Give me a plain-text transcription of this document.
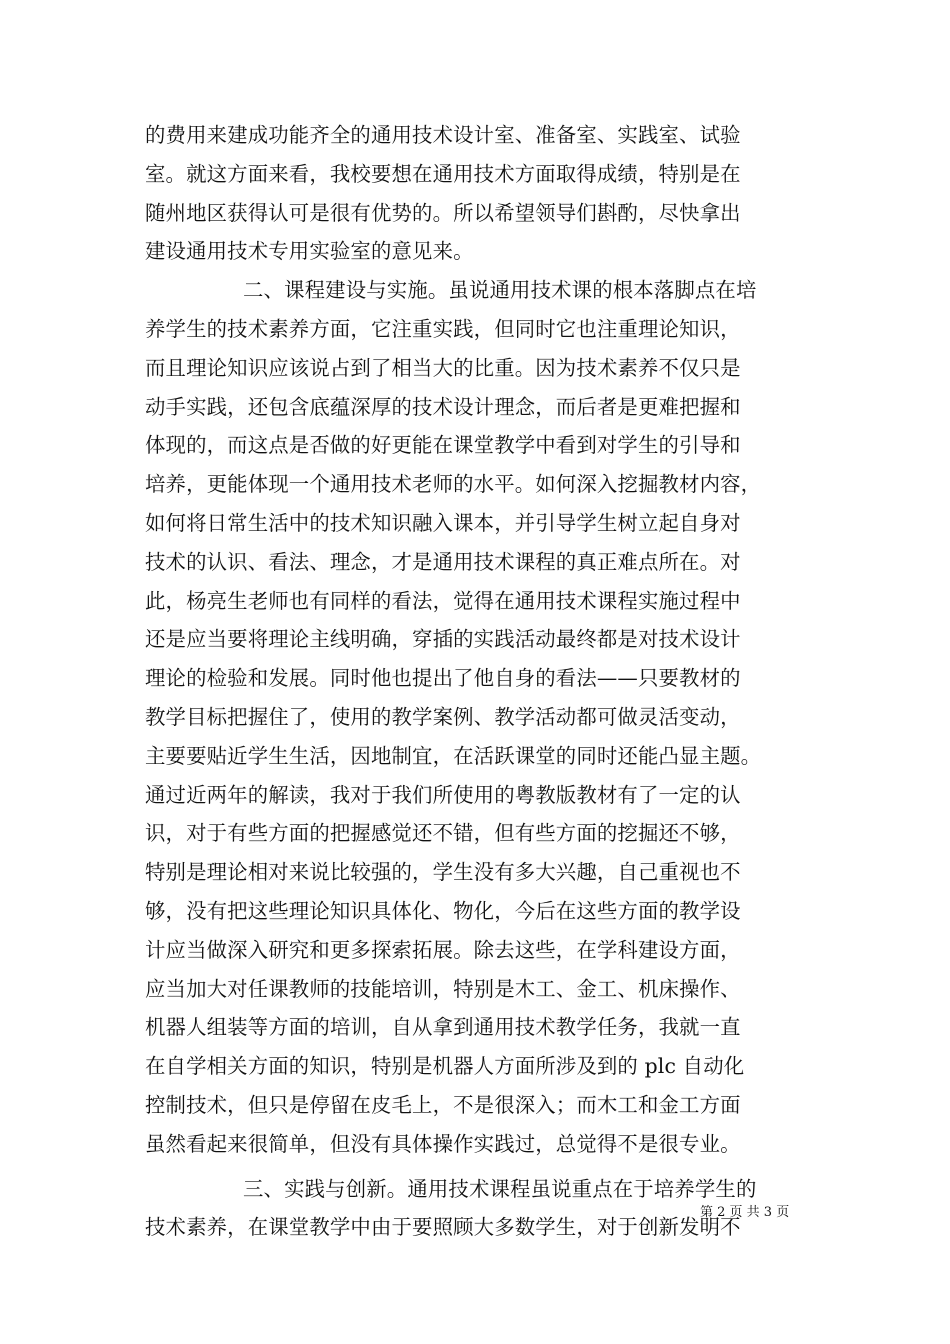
的费用来建成功能齐全的通用技术设计室、准备室、实践室、试验
室。就这方面来看，我校要想在通用技术方面取得成绩，特别是在
随州地区获得认可是很有优势的。所以希望领导们斟酌，尽快拿出
建设通用技术专用实验室的意见来。
二、课程建设与实施。虽说通用技术课的根本落脚点在培
养学生的技术素养方面，它注重实践，但同时它也注重理论知识，
而且理论知识应该说占到了相当大的比重。因为技术素养不仅只是
动手实践，还包含底蕴深厚的技术设计理念，而后者是更难把握和
体现的，而这点是否做的好更能在课堂教学中看到对学生的引导和
培养，更能体现一个通用技术老师的水平。如何深入挖掘教材内容，
如何将日常生活中的技术知识融入课本，并引导学生树立起自身对
技术的认识、看法、理念，才是通用技术课程的真正难点所在。对
此，杨亮生老师也有同样的看法，觉得在通用技术课程实施过程中
还是应当要将理论主线明确，穿插的实践活动最终都是对技术设计
理论的检验和发展。同时他也提出了他自身的看法——只要教材的
教学目标把握住了，使用的教学案例、教学活动都可做灵活变动，
主要要贴近学生生活，因地制宜，在活跃课堂的同时还能凸显主题。
通过近两年的解读，我对于我们所使用的粤教版教材有了一定的认
识，对于有些方面的把握感觉还不错，但有些方面的挖掘还不够，
特别是理论相对来说比较强的，学生没有多大兴趣，自己重视也不
够，没有把这些理论知识具体化、物化，今后在这些方面的教学设
计应当做深入研究和更多探索拓展。除去这些，在学科建设方面，
应当加大对任课教师的技能培训，特别是木工、金工、机床操作、
机器人组装等方面的培训，自从拿到通用技术教学任务，我就一直
在自学相关方面的知识，特别是机器人方面所涉及到的 plc 自动化
控制技术，但只是停留在皮毛上，不是很深入；而木工和金工方面
虽然看起来很简单，但没有具体操作实践过，总觉得不是很专业。
三、实践与创新。通用技术课程虽说重点在于培养学生的
技术素养，在课堂教学中由于要照顾大多数学生，对于创新发明不
第 2 页 共 3 页
